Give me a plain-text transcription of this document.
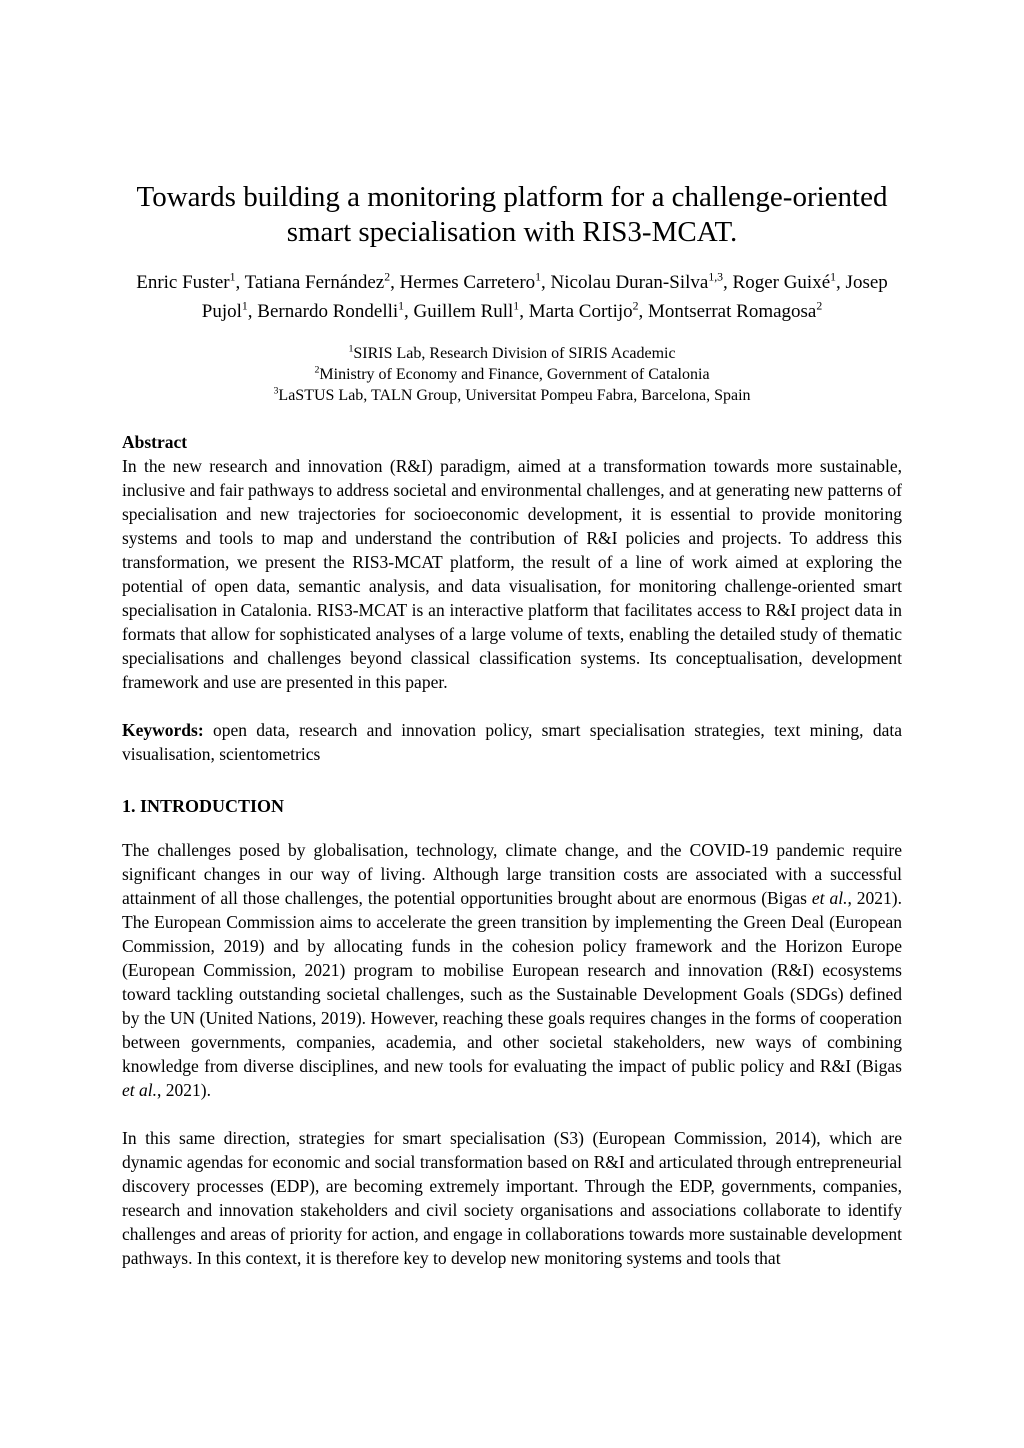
Towards building a monitoring platform for a challenge-oriented smart specialisation with RIS3-MCAT.

Enric Fuster$^1$, Tatiana Fernández$^2$, Hermes Carretero$^1$, Nicolau Duran-Silva$^{1,3}$, Roger Guixé$^1$, Josep Pujol$^1$, Bernardo Rondelli$^1$, Guillem Rull$^1$, Marta Cortijo$^2$, Montserrat Romagosa$^2$

$^1$SIRIS Lab, Research Division of SIRIS Academic

$^2$Ministry of Economy and Finance, Government of Catalonia

$^3$LaSTUS Lab, TALN Group, Universitat Pompeu Fabra, Barcelona, Spain

Abstract

In the new research and innovation (R&I) paradigm, aimed at a transformation towards more sustainable, inclusive and fair pathways to address societal and environmental challenges, and at generating new patterns of specialisation and new trajectories for socioeconomic development, it is essential to provide monitoring systems and tools to map and understand the contribution of R&I policies and projects. To address this transformation, we present the RIS3-MCAT platform, the result of a line of work aimed at exploring the potential of open data, semantic analysis, and data visualisation, for monitoring challenge-oriented smart specialisation in Catalonia. RIS3-MCAT is an interactive platform that facilitates access to R&I project data in formats that allow for sophisticated analyses of a large volume of texts, enabling the detailed study of thematic specialisations and challenges beyond classical classification systems. Its conceptualisation, development framework and use are presented in this paper.

Keywords: open data, research and innovation policy, smart specialisation strategies, text mining, data visualisation, scientometrics

1. INTRODUCTION

The challenges posed by globalisation, technology, climate change, and the COVID-19 pandemic require significant changes in our way of living. Although large transition costs are associated with a successful attainment of all those challenges, the potential opportunities brought about are enormous (Bigas et al., 2021). The European Commission aims to accelerate the green transition by implementing the Green Deal (European Commission, 2019) and by allocating funds in the cohesion policy framework and the Horizon Europe (European Commission, 2021) program to mobilise European research and innovation (R&I) ecosystems toward tackling outstanding societal challenges, such as the Sustainable Development Goals (SDGs) defined by the UN (United Nations, 2019). However, reaching these goals requires changes in the forms of cooperation between governments, companies, academia, and other societal stakeholders, new ways of combining knowledge from diverse disciplines, and new tools for evaluating the impact of public policy and R&I (Bigas et al., 2021).

In this same direction, strategies for smart specialisation (S3) (European Commission, 2014), which are dynamic agendas for economic and social transformation based on R&I and articulated through entrepreneurial discovery processes (EDP), are becoming extremely important. Through the EDP, governments, companies, research and innovation stakeholders and civil society organisations and associations collaborate to identify challenges and areas of priority for action, and engage in collaborations towards more sustainable development pathways. In this context, it is therefore key to develop new monitoring systems and tools that
